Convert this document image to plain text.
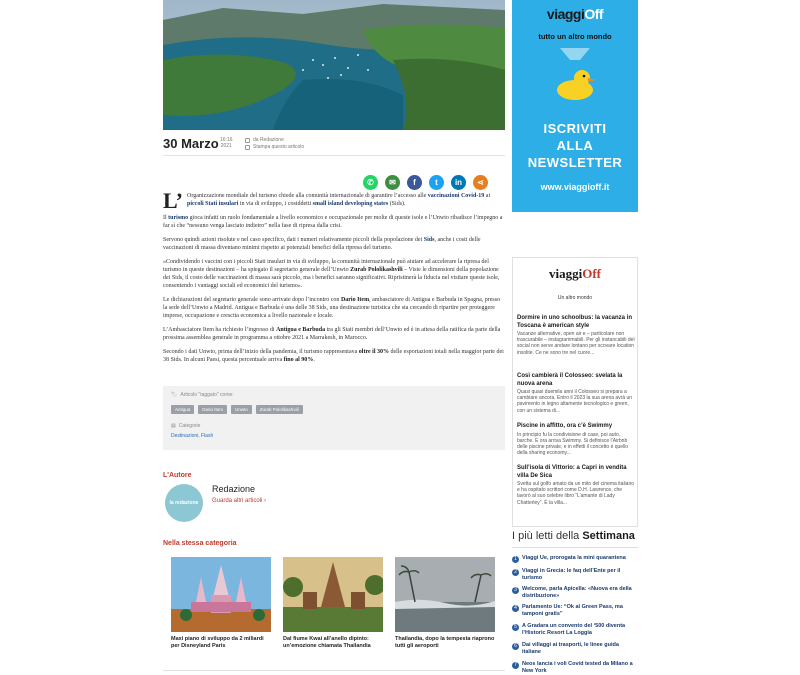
30 Marzo 16:16
2021
da Redazione
Stampa questo articolo
✆	✉	f	t	in	⋖

L’ Organizzazione mondiale del turismo chiede alla comunità internazionale di garantire l’accesso alle vaccinazioni Covid-19 ai piccoli Stati insulari in via di sviluppo, i cosiddetti small island developing states (Sids).

Il turismo gioca infatti un ruolo fondamentale a livello economico e occupazionale per molte di queste isole e l’Unwto ribadisce l’impegno a far sì che “nessuno venga lasciato indietro” nella fase di ripresa dalla crisi.

Servono quindi azioni risolute e nel caso specifico, dati i numeri relativamente piccoli della popolazione dei Sids, anche i costi delle vaccinazioni di massa diventano minimi rispetto ai potenziali benefici della ripresa del turismo.

«Condividendo i vaccini con i piccoli Stati insulari in via di sviluppo, la comunità internazionale può aiutare ad accelerare la ripresa del turismo in queste destinazioni – ha spiegato il segretario generale dell’Unwto Zurab Pololikashvili – Viste le dimensioni della popolazione dei Sids, il costo delle vaccinazioni di massa sarà piccolo, ma i benefici saranno significativi. Ripristinerà la fiducia nel visitare queste isole, consentendo i vantaggi sociali ed economici del turismo».

Le dichiarazioni del segretario generale sono arrivate dopo l’incontro con Dario Item, ambasciatore di Antigua e Barbuda in Spagna, presso la sede dell’Unwto a Madrid. Antigua e Barbuda è una delle 38 Sids, una destinazione turistica che sta cercando di ripartire per proteggere imprese, occupazione e crescita economica a livello nazionale e locale.

L’Ambasciatore Item ha richiesto l’ingresso di Antigua e Barbuda tra gli Stati membri dell’Unwto ed è in attesa della ratifica da parte della prossima assemblea generale in programma a ottobre 2021 a Marrakesh, in Marocco.

Secondo i dati Unwto, prima dell’inizio della pandemia, il turismo rappresentava oltre il 30% delle esportazioni totali nella maggior parte dei 38 Sids. In alcuni Paesi, questa percentuale arriva fino al 90%.

🏷 Articolo "taggato" come:
Antigua	Dario Item	Unwto	Zurab Pololikashvili
▤ Categorie
Destinazioni, Flash
L'Autore
la redazione
Redazione
Guarda altri articoli ›
Nella stessa categoria
Maxi piano di sviluppo da 2 miliardi per Disneyland Paris
Dal fiume Kwai all’anello dipinto: un’emozione chiamata Thailandia
Thailandia, dopo la tempesta riaprono tutti gli aeroporti
viaggiOff
tutto un altro mondo
ISCRIVITI
ALLA
NEWSLETTER
www.viaggioff.it
viaggiOff
Un altro mondo
Dormire in uno schoolbus: la vacanza in Toscana è american style
Vacanze alternative, open air e – particolare non trascurabile – instagrammabili. Per gli instancabili del social non serve andare lontano per scovare location insolite. Ce ne sono tre nel cuore...
Così cambierà il Colosseo: svelata la nuova arena
Quasi quasi duemila anni il Colosseo si prepara a cambiare ancora. Entro il 2023 la sua arena avrà un pavimento in legno altamente tecnologico e green, con un sistema di...
Piscine in affitto, ora c’è Swimmy
In principio fu la condivisione di case, poi auto, barche. E ora arriva Swimmy. Si definisce l’Airbnb delle piscine private, e in effetti il concetto è quello della sharing economy...
Sull’isola di Vittorio: a Capri in vendita villa De Sica
Svetta sul golfo amato da un mito del cinema italiano e ha ospitato scrittori come D.H. Lawrence, che lavorò al suo celebre libro “L’amante di Lady Chatterley”. È la villa...
I più letti della Settimana
1 Viaggi Ue, prorogata la mini quarantena
2 Viaggi in Grecia: le faq dell’Ente per il turismo
3 Welcome, parla Apicella: «Nuova era della distribuzione»
4 Parlamento Ue: “Ok al Green Pass, ma tamponi gratis”
5 A Gradara un convento del ‘500 diventa l’Historic Resort La Loggia
6 Dai villaggi ai trasporti, le linee guida italiane
7 Neos lancia i voli Covid tested da Milano a New York
